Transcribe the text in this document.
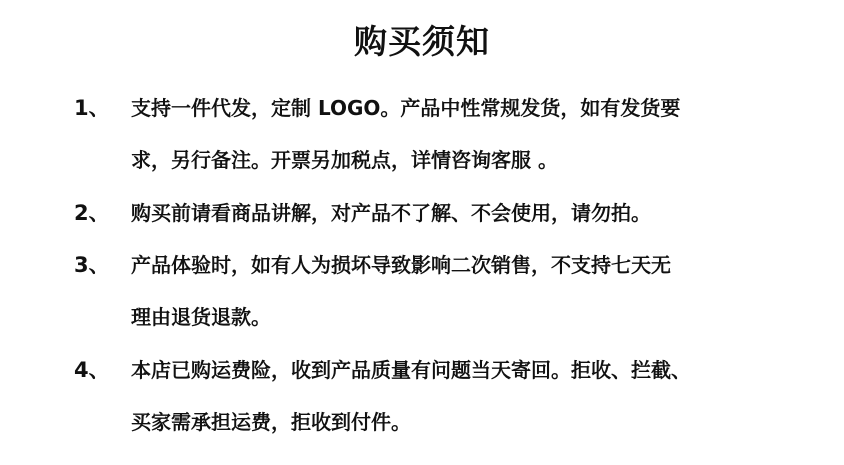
购买须知
1、 支持一件代发，定制 LOGO。产品中性常规发货，如有发货要
求，另行备注。开票另加税点，详情咨询客服 。
2、 购买前请看商品讲解，对产品不了解、不会使用，请勿拍。
3、 产品体验时，如有人为损坏导致影响二次销售，不支持七天无
理由退货退款。
4、 本店已购运费险，收到产品质量有问题当天寄回。拒收、拦截、
买家需承担运费，拒收到付件。
